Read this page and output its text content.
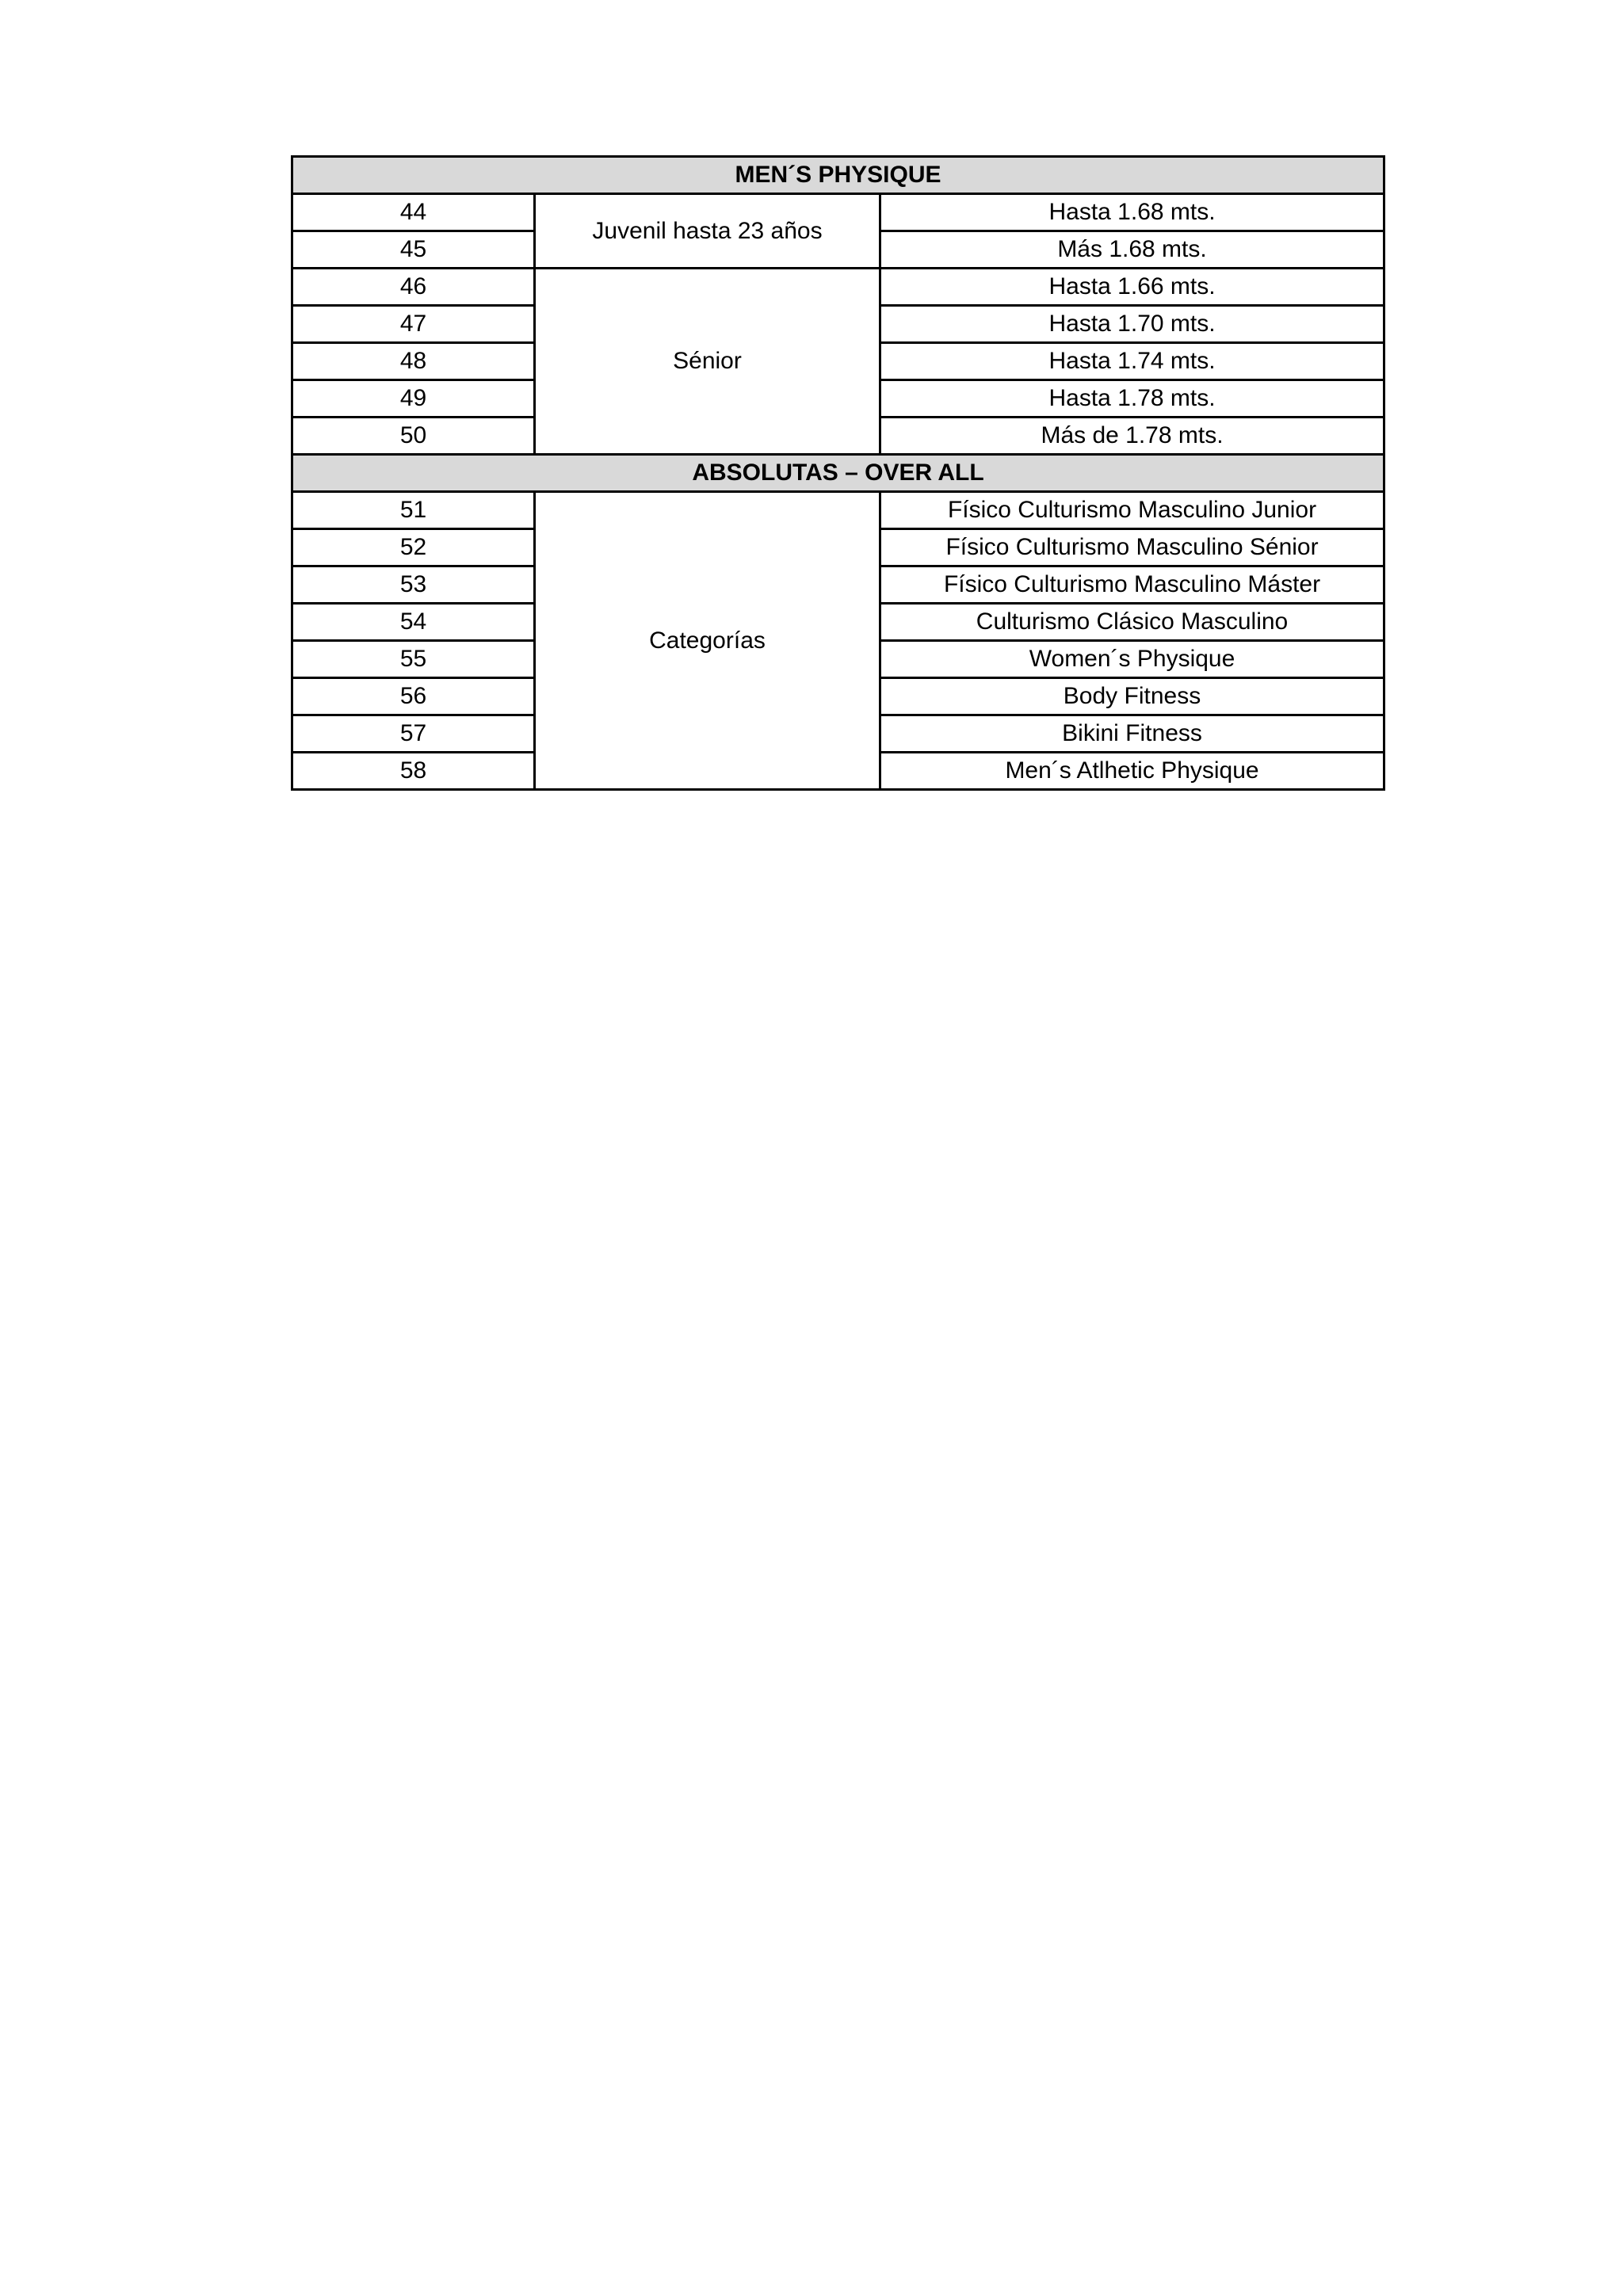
MEN´S PHYSIQUE		
44	Juvenil hasta 23 años	Hasta 1.68 mts.
45		Más 1.68 mts.
46	Sénior	Hasta 1.66 mts.
47		Hasta 1.70 mts.
48		Hasta 1.74 mts.
49		Hasta 1.78 mts.
50		Más de 1.78 mts.
ABSOLUTAS – OVER ALL		
51	Categorías	Físico Culturismo Masculino Junior
52		Físico Culturismo Masculino Sénior
53		Físico Culturismo Masculino Máster
54		Culturismo Clásico Masculino
55		Women´s Physique
56		Body Fitness
57		Bikini Fitness
58		Men´s Atlhetic Physique
